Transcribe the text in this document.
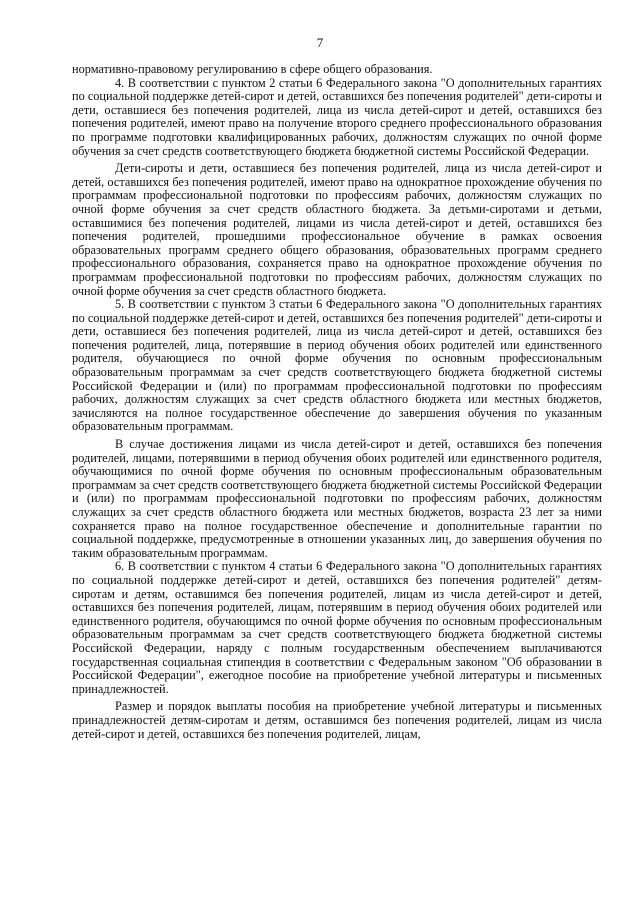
7

нормативно-правовому регулированию в сфере общего образования.

4. В соответствии с пунктом 2 статьи 6 Федерального закона "О дополнительных гарантиях по социальной поддержке детей-сирот и детей, оставшихся без попечения родителей" дети-сироты и дети, оставшиеся без попечения родителей, лица из числа детей-сирот и детей, оставшихся без попечения родителей, имеют право на получение второго среднего профессионального образования по программе подготовки квалифицированных рабочих, должностям служащих по очной форме обучения за счет средств соответствующего бюджета бюджетной системы Российской Федерации.

Дети-сироты и дети, оставшиеся без попечения родителей, лица из числа детей-сирот и детей, оставшихся без попечения родителей, имеют право на однократное прохождение обучения по программам профессиональной подготовки по профессиям рабочих, должностям служащих по очной форме обучения за счет средств областного бюджета. За детьми-сиротами и детьми, оставшимися без попечения родителей, лицами из числа детей-сирот и детей, оставшихся без попечения родителей, прошедшими профессиональное обучение в рамках освоения образовательных программ среднего общего образования, образовательных программ среднего профессионального образования, сохраняется право на однократное прохождение обучения по программам профессиональной подготовки по профессиям рабочих, должностям служащих по очной форме обучения за счет средств областного бюджета.

5. В соответствии с пунктом 3 статьи 6 Федерального закона "О дополнительных гарантиях по социальной поддержке детей-сирот и детей, оставшихся без попечения родителей" дети-сироты и дети, оставшиеся без попечения родителей, лица из числа детей-сирот и детей, оставшихся без попечения родителей, лица, потерявшие в период обучения обоих родителей или единственного родителя, обучающиеся по очной форме обучения по основным профессиональным образовательным программам за счет средств соответствующего бюджета бюджетной системы Российской Федерации и (или) по программам профессиональной подготовки по профессиям рабочих, должностям служащих за счет средств областного бюджета или местных бюджетов, зачисляются на полное государственное обеспечение до завершения обучения по указанным образовательным программам.

В случае достижения лицами из числа детей-сирот и детей, оставшихся без попечения родителей, лицами, потерявшими в период обучения обоих родителей или единственного родителя, обучающимися по очной форме обучения по основным профессиональным образовательным программам за счет средств соответствующего бюджета бюджетной системы Российской Федерации и (или) по программам профессиональной подготовки по профессиям рабочих, должностям служащих за счет средств областного бюджета или местных бюджетов, возраста 23 лет за ними сохраняется право на полное государственное обеспечение и дополнительные гарантии по социальной поддержке, предусмотренные в отношении указанных лиц, до завершения обучения по таким образовательным программам.

6. В соответствии с пунктом 4 статьи 6 Федерального закона "О дополнительных гарантиях по социальной поддержке детей-сирот и детей, оставшихся без попечения родителей" детям-сиротам и детям, оставшимся без попечения родителей, лицам из числа детей-сирот и детей, оставшихся без попечения родителей, лицам, потерявшим в период обучения обоих родителей или единственного родителя, обучающимся по очной форме обучения по основным профессиональным образовательным программам за счет средств соответствующего бюджета бюджетной системы Российской Федерации, наряду с полным государственным обеспечением выплачиваются государственная социальная стипендия в соответствии с Федеральным законом "Об образовании в Российской Федерации", ежегодное пособие на приобретение учебной литературы и письменных принадлежностей.

Размер и порядок выплаты пособия на приобретение учебной литературы и письменных принадлежностей детям-сиротам и детям, оставшимся без попечения родителей, лицам из числа детей-сирот и детей, оставшихся без попечения родителей, лицам,
